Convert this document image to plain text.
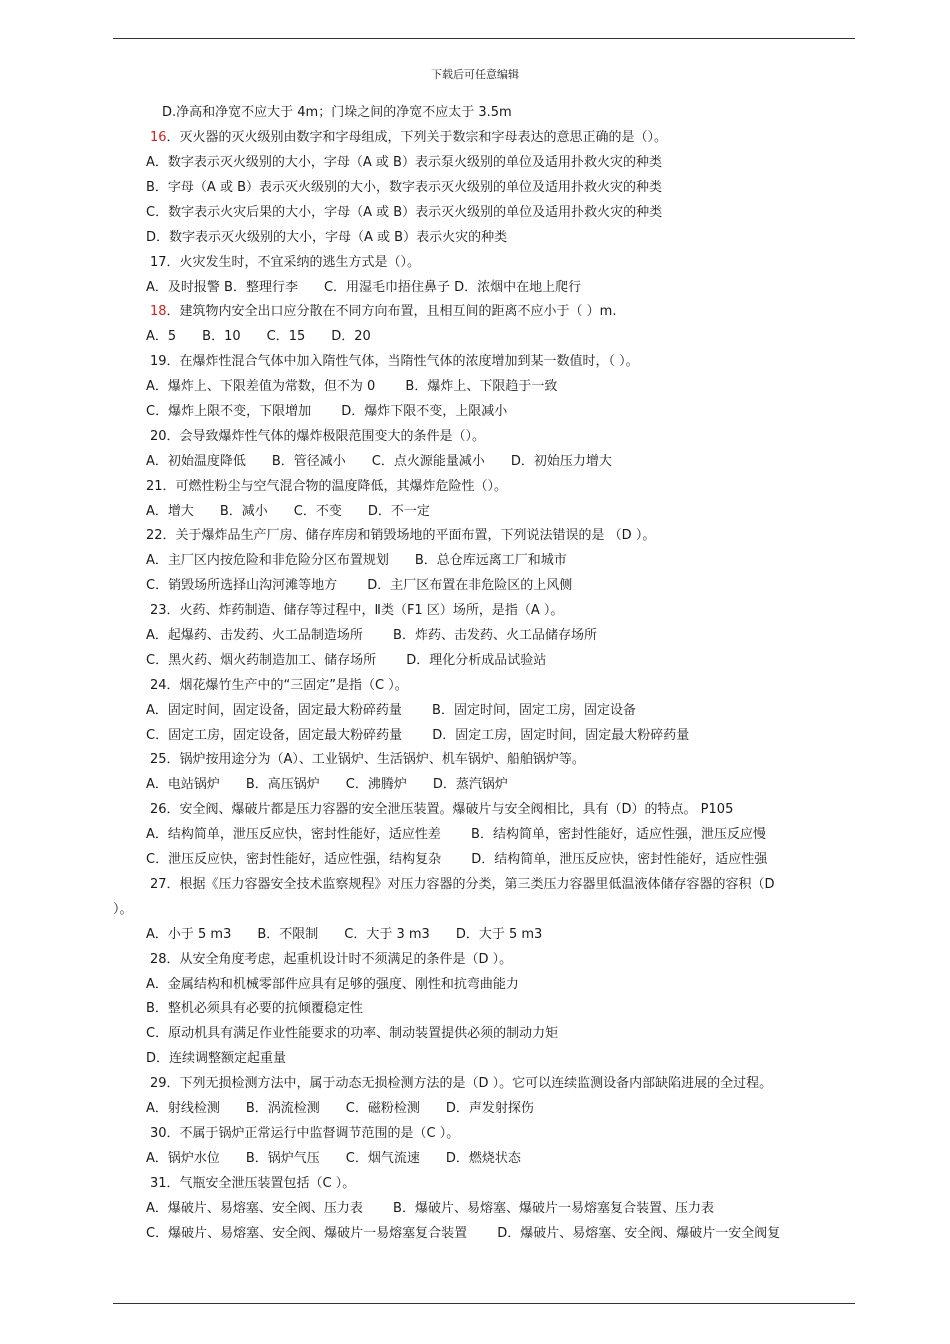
下载后可任意编辑
D.净高和净宽不应大于 4m；门垛之间的净宽不应太于 3.5m
16．灭火器的灭火级别由数字和字母组成，下列关于数宗和字母表达的意思正确的是（）。
A．数字表示灭火级别的大小，字母（A 或 B）表示泵火级别的单位及适用扑救火灾的种类
B．字母（A 或 B）表示灭火级别的大小，数字表示灭火级别的单位及适用扑救火灾的种类
C．数字表示火灾后果的大小，字母（A 或 B）表示灭火级别的单位及适用扑救火灾的种类
D．数字表示灭火级别的大小，字母（A 或 B）表示火灾的种类
17．火灾发生时，不宜采纳的逃生方式是（）。
A．及时报警 B．整理行李　　C．用湿毛巾捂住鼻子 D．浓烟中在地上爬行
18．建筑物内安全出口应分散在不同方向布置，且相互间的距离不应小于（ ）m.
A．5　　B．10　　C．15　　D．20
19．在爆炸性混合气体中加入隋性气体，当隋性气体的浓度增加到某一数值时，（ ）。
A．爆炸上、下限差值为常数，但不为 0　　 B．爆炸上、下限趋于一致
C．爆炸上限不变，下限增加　　 D．爆炸下限不变，上限减小
20．会导致爆炸性气体的爆炸极限范围变大的条件是（）。
A．初始温度降低　　B．管径减小　　C．点火源能量减小　　D．初始压力增大
21．可燃性粉尘与空气混合物的温度降低，其爆炸危险性（）。
A．增大　　B．减小　　C．不变　　D．不一定
22．关于爆炸品生产厂房、储存库房和销毁场地的平面布置，下列说法错误的是 （D ）。
A．主厂区内按危险和非危险分区布置规划　　B．总仓库远离工厂和城市
C．销毁场所选择山沟河滩等地方　　 D．主厂区布置在非危险区的上风侧
23．火药、炸药制造、储存等过程中，Ⅱ类（F1 区）场所，是指（A ）。
A．起爆药、击发药、火工品制造场所　　 B．炸药、击发药、火工品储存场所
C．黑火药、烟火药制造加工、储存场所　　 D．理化分析成品试验站
24．烟花爆竹生产中的“三固定”是指（C ）。
A．固定时间，固定设备，固定最大粉碎药量　　 B．固定时间，固定工房，固定设备
C．固定工房，固定设备，固定最大粉碎药量　　 D．固定工房，固定时间，固定最大粉碎药量
25．锅炉按用途分为（A）、工业锅炉、生活锅炉、机车锅炉、船舶锅炉等。
A．电站锅炉　　B．高压锅炉　　C．沸腾炉　　D．蒸汽锅炉
26．安全阀、爆破片都是压力容器的安全泄压装置。爆破片与安全阀相比，具有（D）的特点。 P105
A．结构简单，泄压反应快，密封性能好，适应性差　　 B．结构简单，密封性能好，适应性强，泄压反应慢
C．泄压反应快，密封性能好，适应性强，结构复杂　　 D．结构简单，泄压反应快，密封性能好，适应性强
27．根据《压力容器安全技术监察规程》对压力容器的分类，第三类压力容器里低温液体储存容器的容积（D
）。
A．小于 5 m3　　B．不限制　　C．大于 3 m3　　D．大于 5 m3
28．从安全角度考虑，起重机设计时不须满足的条件是（D ）。
A．金属结构和机械零部件应具有足够的强度、刚性和抗弯曲能力
B．整机必须具有必要的抗倾覆稳定性
C．原动机具有满足作业性能要求的功率、制动装置提供必须的制动力矩
D．连续调整额定起重量
29．下列无损检测方法中，属于动态无损检测方法的是（D ）。它可以连续监测设备内部缺陷进展的全过程。
A．射线检测　　B．涡流检测　　C．磁粉检测　　D．声发射探伤
30．不属于锅炉正常运行中监督调节范围的是（C ）。
A．锅炉水位　　B．锅炉气压　　C．烟气流速　　D．燃烧状态
31．气瓶安全泄压装置包括（C ）。
A．爆破片、易熔塞、安全阀、压力表　　 B．爆破片、易熔塞、爆破片一易熔塞复合装置、压力表
C．爆破片、易熔塞、安全阀、爆破片一易熔塞复合装置　　 D．爆破片、易熔塞、安全阀、爆破片一安全阀复
